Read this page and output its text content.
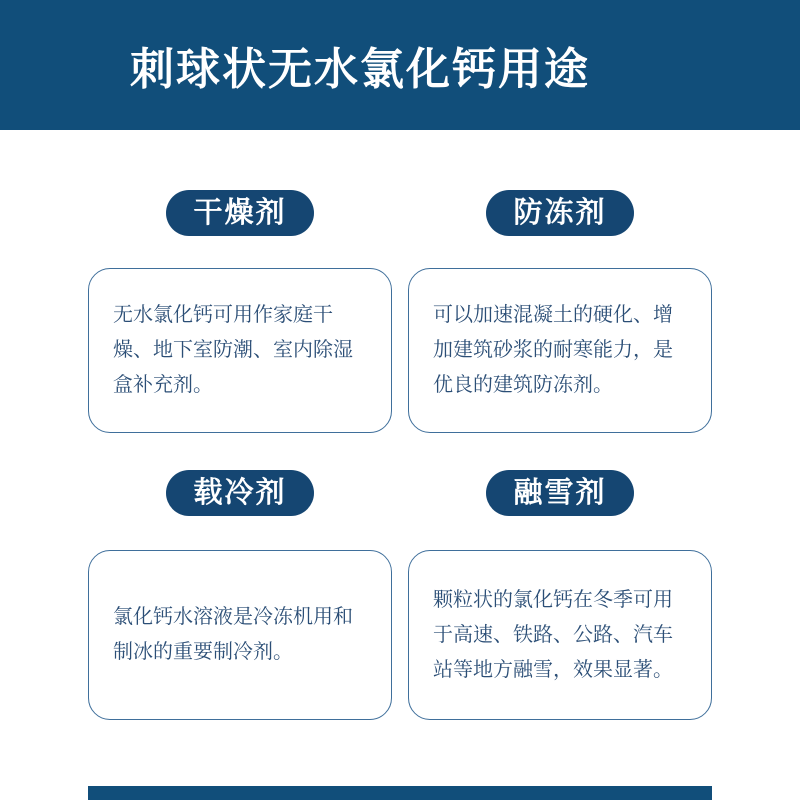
刺球状无水氯化钙用途
干燥剂
无水氯化钙可用作家庭干燥、地下室防潮、室内除湿盒补充剂。
防冻剂
可以加速混凝土的硬化、增加建筑砂浆的耐寒能力，是优良的建筑防冻剂。
载冷剂
氯化钙水溶液是冷冻机用和制冰的重要制冷剂。
融雪剂
颗粒状的氯化钙在冬季可用于高速、铁路、公路、汽车站等地方融雪，效果显著。
